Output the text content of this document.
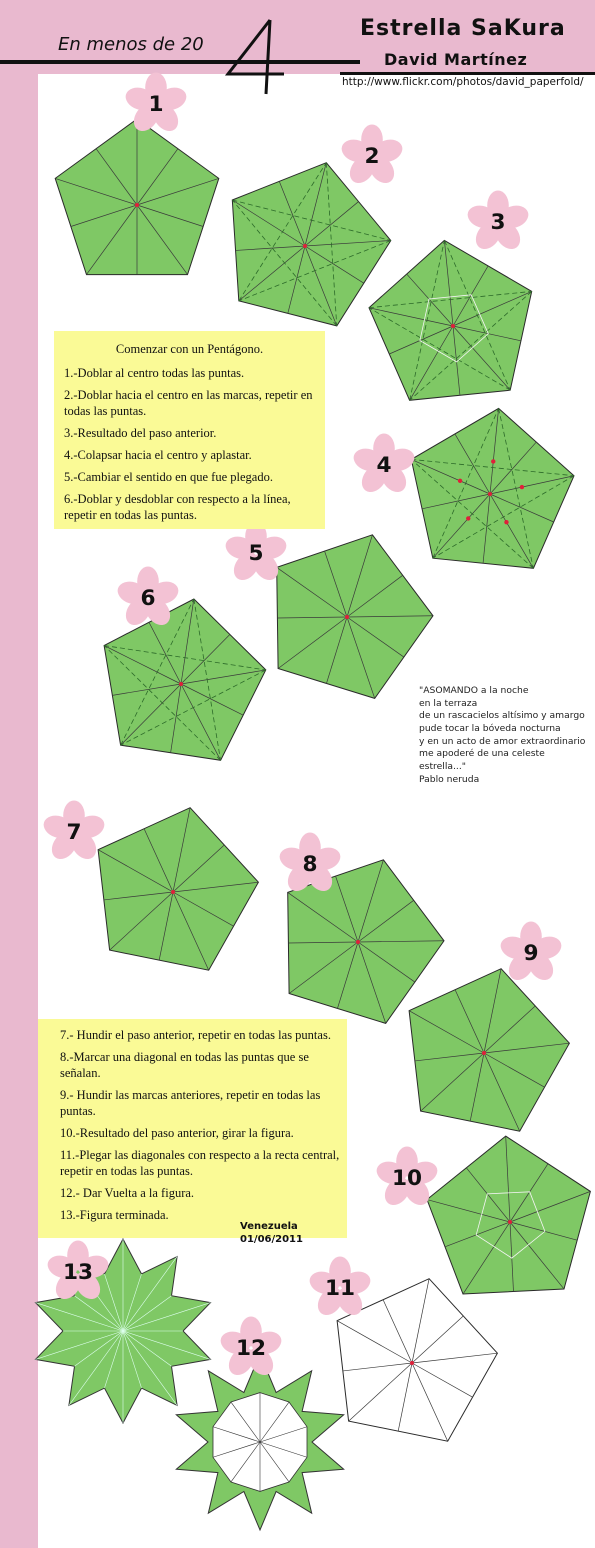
En menos de 20
Estrella SaKura
David Martínez
http://www.flickr.com/photos/david_paperfold/
1
2
3
4
5
6
7
8
9
10
11
12
13

Comenzar con un Pentágono.

1.-Doblar al centro todas las puntas.

2.-Doblar hacia el centro en las marcas, repetir en todas las puntas.

3.-Resultado del paso anterior.

4.-Colapsar hacia el centro y aplastar.

5.-Cambiar el sentido en que fue plegado.

6.-Doblar y desdoblar con respecto a la línea, repetir en todas las puntas.

"ASOMANDO a la noche
en la terraza
de un rascacielos altísimo y amargo
pude tocar la bóveda nocturna
y en un acto de amor extraordinario
me apoderé de una celeste
estrella..."
Pablo neruda

7.- Hundir el paso anterior, repetir en todas las puntas.

8.-Marcar una diagonal en todas las puntas que se señalan.

9.- Hundir las marcas anteriores, repetir en todas las puntas.

10.-Resultado del paso anterior, girar la figura.

11.-Plegar las diagonales con respecto a la recta central, repetir en todas las puntas.

12.- Dar Vuelta a la figura.

13.-Figura terminada.

Venezuela 01/06/2011
